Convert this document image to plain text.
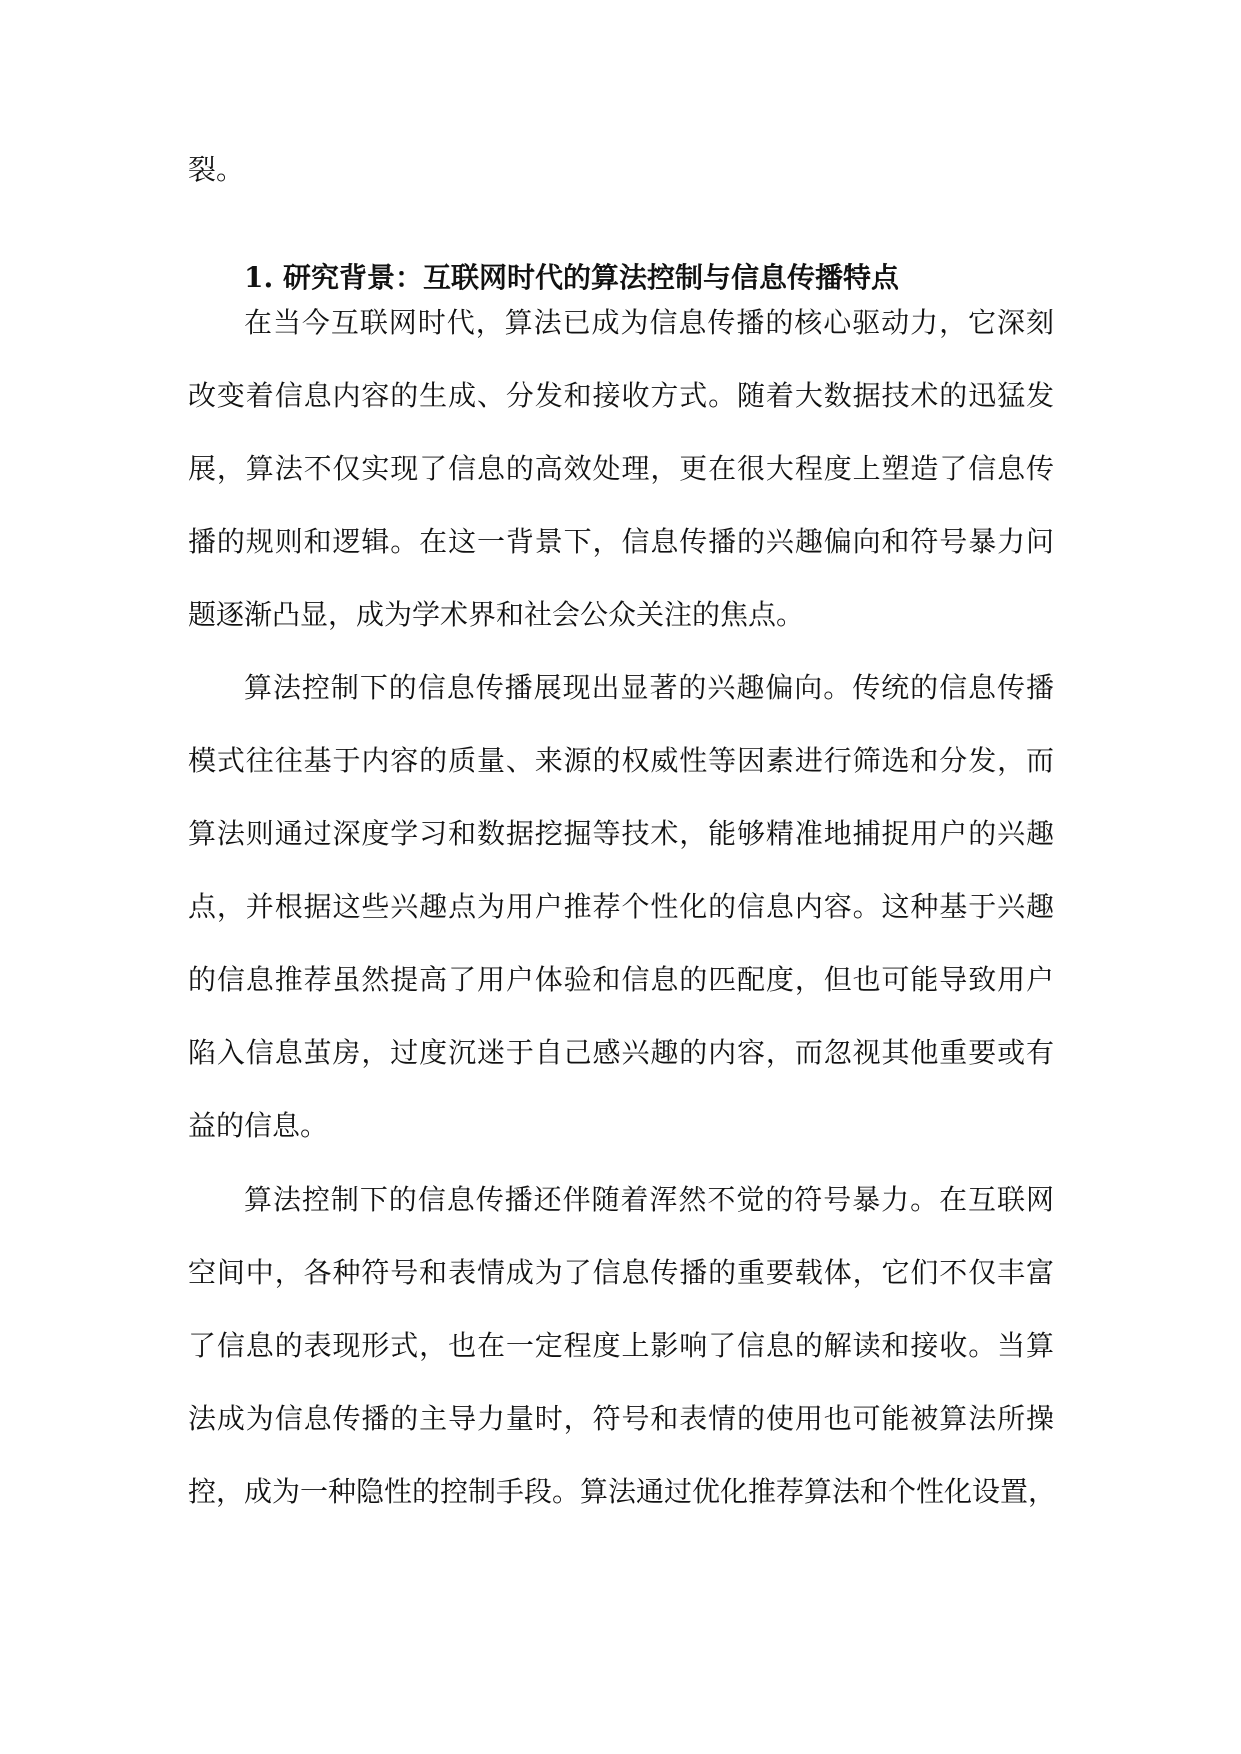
裂。
1. 研究背景：互联网时代的算法控制与信息传播特点
在当今互联网时代，算法已成为信息传播的核心驱动力，它深刻
改变着信息内容的生成、分发和接收方式。随着大数据技术的迅猛发
展，算法不仅实现了信息的高效处理，更在很大程度上塑造了信息传
播的规则和逻辑。在这一背景下，信息传播的兴趣偏向和符号暴力问
题逐渐凸显，成为学术界和社会公众关注的焦点。
算法控制下的信息传播展现出显著的兴趣偏向。传统的信息传播
模式往往基于内容的质量、来源的权威性等因素进行筛选和分发，而
算法则通过深度学习和数据挖掘等技术，能够精准地捕捉用户的兴趣
点，并根据这些兴趣点为用户推荐个性化的信息内容。这种基于兴趣
的信息推荐虽然提高了用户体验和信息的匹配度，但也可能导致用户
陷入信息茧房，过度沉迷于自己感兴趣的内容，而忽视其他重要或有
益的信息。
算法控制下的信息传播还伴随着浑然不觉的符号暴力。在互联网
空间中，各种符号和表情成为了信息传播的重要载体，它们不仅丰富
了信息的表现形式，也在一定程度上影响了信息的解读和接收。当算
法成为信息传播的主导力量时，符号和表情的使用也可能被算法所操
控，成为一种隐性的控制手段。算法通过优化推荐算法和个性化设置，
